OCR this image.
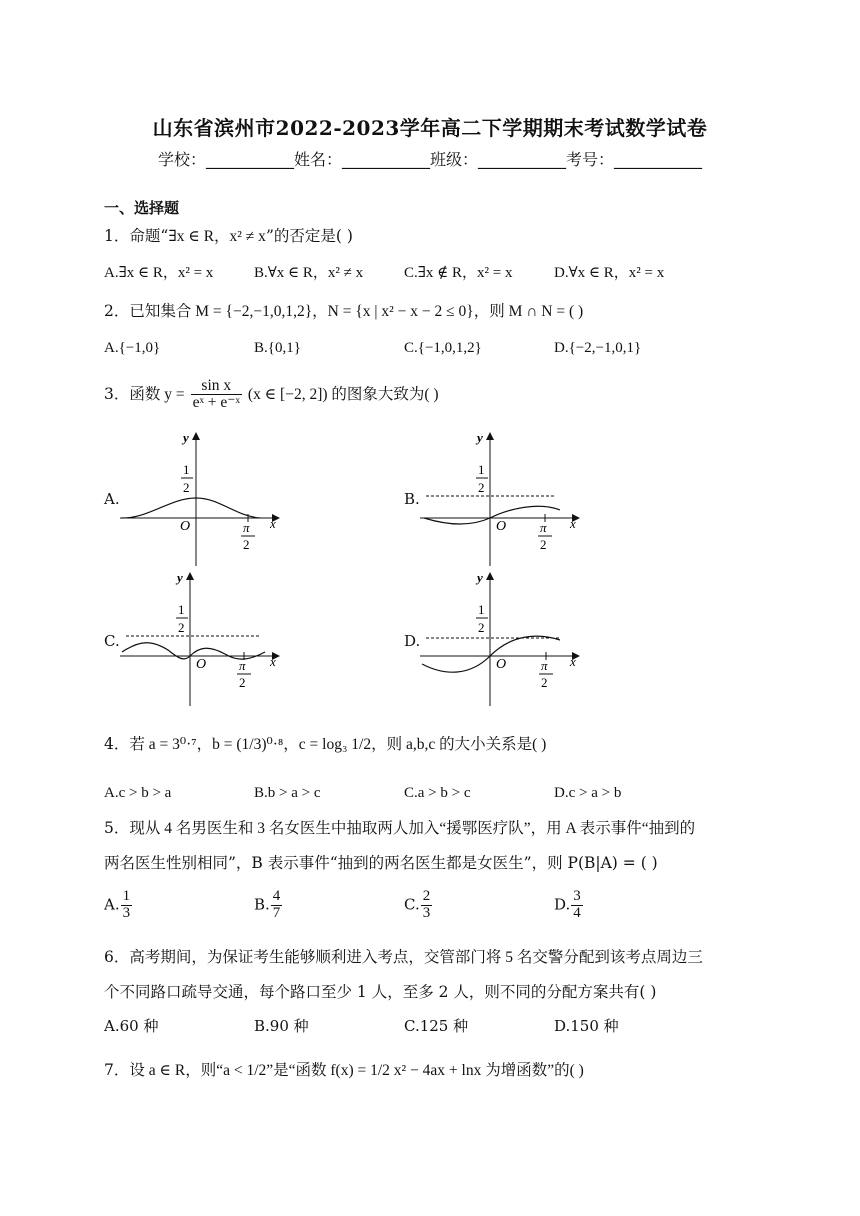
山东省滨州市2022-2023学年高二下学期期末考试数学试卷
学校：___________姓名：___________班级：___________考号：___________
一、选择题
1．命题“∃x ∈ R，x² ≠ x”的否定是( )
A.∃x ∈ R，x² = x	B.∀x ∈ R，x² ≠ x	C.∃x ∉ R，x² = x	D.∀x ∈ R，x² = x
2．已知集合 M = {−2,−1,0,1,2}，N = {x | x² − x − 2 ≤ 0}，则 M ∩ N = ( )
A.{−1,0}	B.{0,1}	C.{−1,0,1,2}	D.{−2,−1,0,1}
3．函数 $y = \frac{\text{sin x}}{\text{eˣ + e⁻ˣ}} (x$ ∈ [−2, 2]) 的图象大致为( )
A.	B.
C.	D.
y
x
O
1
2
π
2
y
x
O
1
2
π
2
y
x
O
1
2
π
2
y
x
O
1
2
π
2
4．若 a = 3⁰·⁷，b = (1/3)⁰·⁸，c = log₃ 1/2，则 a,b,c 的大小关系是( )
A.c > b > a	B.b > a > c	C.a > b > c	D.c > a > b
5．现从 4 名男医生和 3 名女医生中抽取两人加入“援鄂医疗队”，用 A 表示事件“抽到的
两名医生性别相同”，B 表示事件“抽到的两名医生都是女医生”，则 P(B|A) = ( )
A. $\frac{1}{3}$	B. $\frac{4}{7}$	C. $\frac{2}{3}$	D. $\frac{3}{4}$
6．高考期间，为保证考生能够顺利进入考点，交管部门将 5 名交警分配到该考点周边三
个不同路口疏导交通，每个路口至少 1 人，至多 2 人，则不同的分配方案共有( )
A.60 种	B.90 种	C.125 种	D.150 种
7．设 a ∈ R，则“a < 1/2”是“函数 f(x) = 1/2 x² − 4ax + lnx 为增函数”的( )
